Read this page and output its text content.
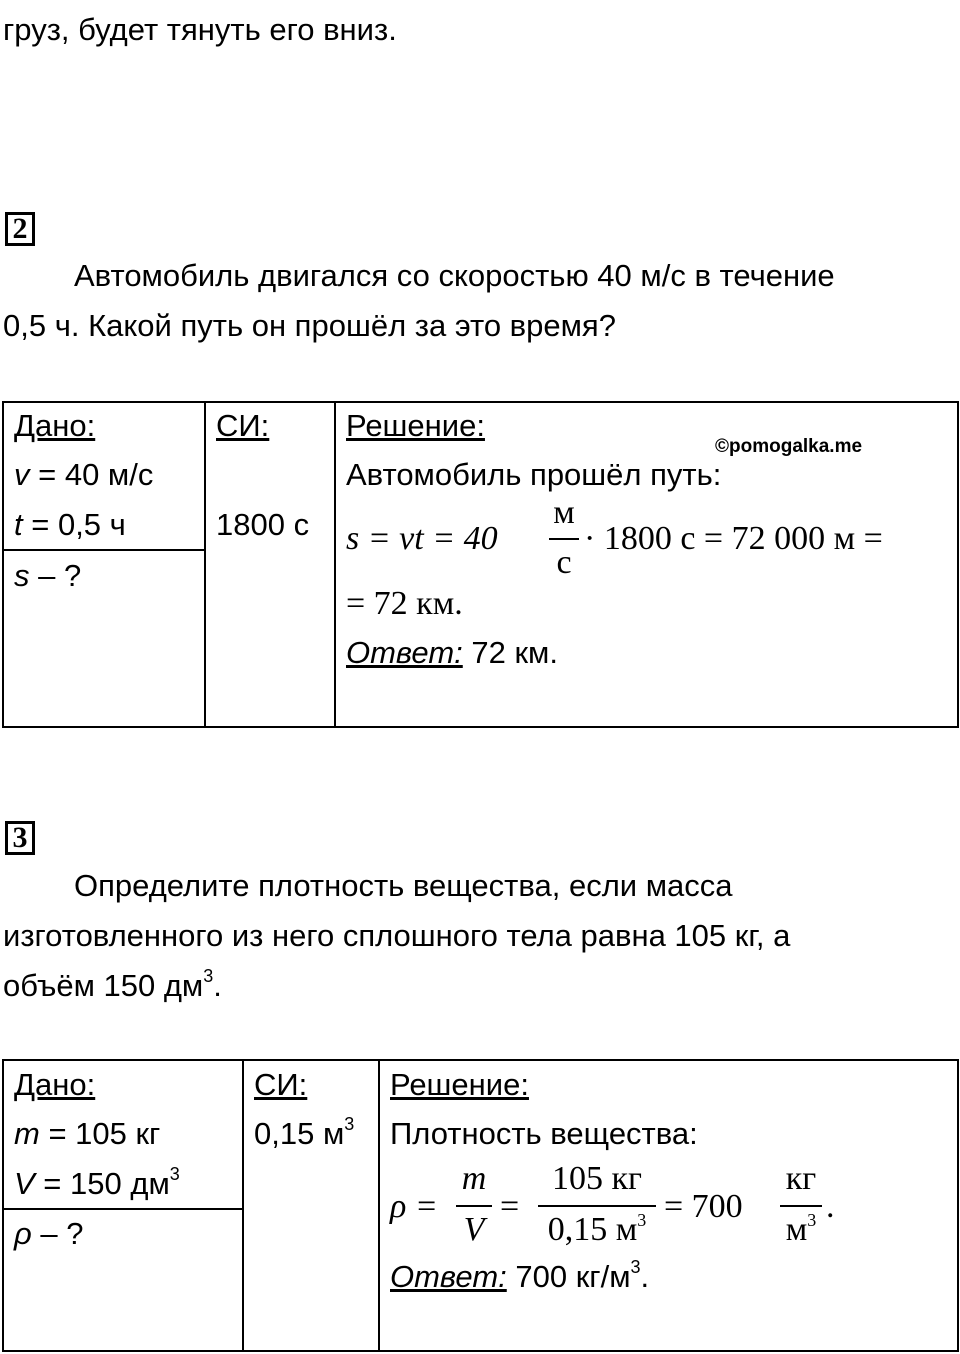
груз, будет тянуть его вниз.
2
Автомобиль двигался со скоростью 40 м/с в течение
0,5 ч. Какой путь он прошёл за это время?
Дано:
v = 40 м/с
t = 0,5 ч
s – ?
СИ:
1800 с
Решение:
©pomogalka.me
Автомобиль прошёл путь:
s = vt = 40
м
с
· 1800 с = 72 000 м =
= 72 км.
Ответ: 72 км.
3
Определите плотность вещества, если масса
изготовленного из него сплошного тела равна 105 кг, а
объём 150 $дм^3$.
Дано:
m = 105 кг
V = 150 $дм^3$
ρ – ?
СИ:
0,15 $м^3$
Решение:
Плотность вещества:
ρ =
m
V
=
105 кг
0,15 $м^3 = 700$
кг
$м^3$ .
Ответ: 700 $кг/м^3$.
